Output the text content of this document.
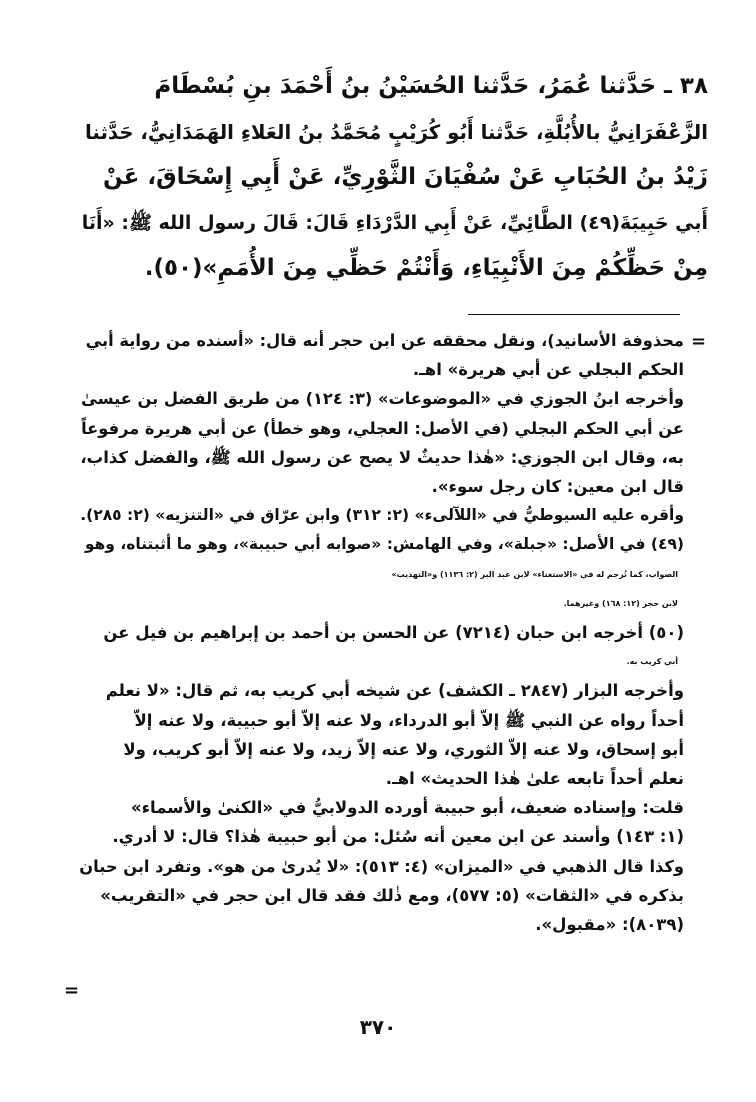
٣٨ ـ حَدَّثنا عُمَرُ، حَدَّثنا الحُسَيْنُ بنُ أَحْمَدَ بنِ بُسْطَامَ
الزَّعْفَرَانِيُّ بالأُبُلَّةِ، حَدَّثنا أَبُو كُرَيْبٍ مُحَمَّدُ بنُ العَلاءِ الهَمَدَانِيُّ، حَدَّثنا
زَيْدُ بنُ الحُبَابِ عَنْ سُفْيَانَ الثَّوْرِيِّ، عَنْ أَبِي إِسْحَاقَ، عَنْ
أَبي حَبِيبَةَ(٤٩) الطَّائِيِّ، عَنْ أَبِي الدَّرْدَاءِ قَالَ: قَالَ رسول الله ﷺ: «أَنَا
مِنْ حَظِّكُمْ مِنَ الأَنْبِيَاءِ، وَأَنْتُمْ حَظِّي مِنَ الأُمَمِ»(٥٠).
=
محذوفة الأسانيد)، ونقل محققه عن ابن حجر أنه قال: «أسنده من رواية أبي
الحكم البجلي عن أبي هريرة» اهـ.
وأخرجه ابنُ الجوزي في «الموضوعات» (٣: ١٢٤) من طريق الفضل بن عيسىٰ
عن أبي الحكم البجلي (في الأصل: العجلي، وهو خطأ) عن أبي هريرة مرفوعاً
به، وقال ابن الجوزي: «هٰذا حديثٌ لا يصح عن رسول الله ﷺ، والفضل كذاب،
قال ابن معين: كان رجل سوء».
وأقره عليه السيوطيُّ في «اللآلىء» (٢: ٣١٢) وابن عرّاق في «التنزيه» (٢: ٢٨٥).
(٤٩) في الأصل: «جبلة»، وفي الهامش: «صوابه أبي حبيبة»، وهو ما أثبتناه، وهو
الصواب، كما تُرجم له في «الاستغناء» لابن عبد البر (٢: ١١٣٦) و«التهذيب»
لابن حجر (١٢: ١٦٨) وغيرهما.
(٥٠) أخرجه ابن حبان (٧٢١٤) عن الحسن بن أحمد بن إبراهيم بن فيل عن
أبي كريب به.
وأخرجه البزار (٢٨٤٧ ـ الكشف) عن شيخه أبي كريب به، ثم قال: «لا نعلم
أحداً رواه عن النبي ﷺ إلاّ أبو الدرداء، ولا عنه إلاّ أبو حبيبة، ولا عنه إلاّ
أبو إسحاق، ولا عنه إلاّ الثوري، ولا عنه إلاّ زيد، ولا عنه إلاّ أبو كريب، ولا
نعلم أحداً تابعه علىٰ هٰذا الحديث» اهـ.
قلت: وإسناده ضعيف، أبو حبيبة أورده الدولابيُّ في «الكنىٰ والأسماء»
(١: ١٤٣) وأسند عن ابن معين أنه سُئل: من أبو حبيبة هٰذا؟ قال: لا أدري.
وكذا قال الذهبي في «الميزان» (٤: ٥١٣): «لا يُدرىٰ من هو». وتفرد ابن حبان
بذكره في «الثقات» (٥: ٥٧٧)، ومع ذٰلك فقد قال ابن حجر في «التقريب»
(٨٠٣٩): «مقبول».
=
٣٧٠
